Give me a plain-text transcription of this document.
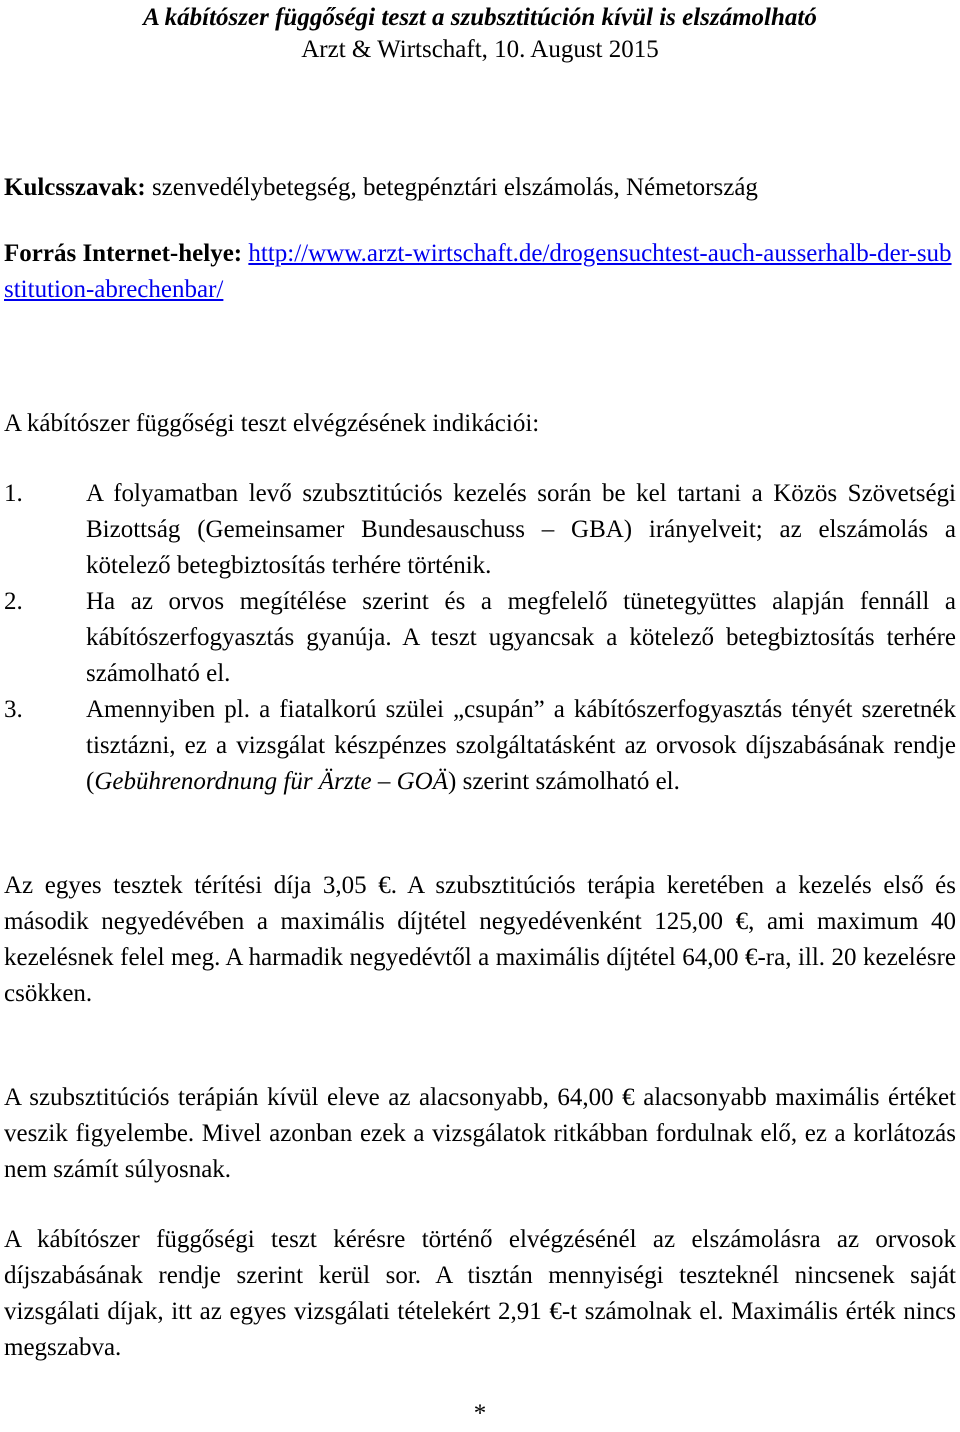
A kábítószer függőségi teszt a szubsztitúción kívül is elszámolható
Arzt & Wirtschaft, 10. August 2015
Kulcsszavak: szenvedélybetegség, betegpénztári elszámolás, Németország
Forrás Internet-helye: http://www.arzt-wirtschaft.de/drogensuchtest-auch-ausserhalb-der-substitution-abrechenbar/
A kábítószer függőségi teszt elvégzésének indikációi:
1.	A folyamatban levő szubsztitúciós kezelés során be kel tartani a Közös Szövetségi Bizottság (Gemeinsamer Bundesauschuss – GBA) irányelveit; az elszámolás a kötelező betegbiztosítás terhére történik.
2.	Ha az orvos megítélése szerint és a megfelelő tünetegyüttes alapján fennáll a kábítószerfogyasztás gyanúja. A teszt ugyancsak a kötelező betegbiztosítás terhére számolható el.
3.	Amennyiben pl. a fiatalkorú szülei „csupán” a kábítószerfogyasztás tényét szeretnék tisztázni, ez a vizsgálat készpénzes szolgáltatásként az orvosok díjszabásának rendje (Gebührenordnung für Ärzte – GOÄ) szerint számolható el.
Az egyes tesztek térítési díja 3,05 €. A szubsztitúciós terápia keretében a kezelés első és második negyedévében a maximális díjtétel negyedévenként 125,00 €, ami maximum 40 kezelésnek felel meg. A harmadik negyedévtől a maximális díjtétel 64,00 €-ra, ill. 20 kezelésre csökken.
A szubsztitúciós terápián kívül eleve az alacsonyabb, 64,00 € alacsonyabb maximális értéket veszik figyelembe. Mivel azonban ezek a vizsgálatok ritkábban fordulnak elő, ez a korlátozás nem számít súlyosnak.
A kábítószer függőségi teszt kérésre történő elvégzésénél az elszámolásra az orvosok díjszabásának rendje szerint kerül sor. A tisztán mennyiségi teszteknél nincsenek saját vizsgálati díjak, itt az egyes vizsgálati tételekért 2,91 €-t számolnak el. Maximális érték nincs megszabva.
*
